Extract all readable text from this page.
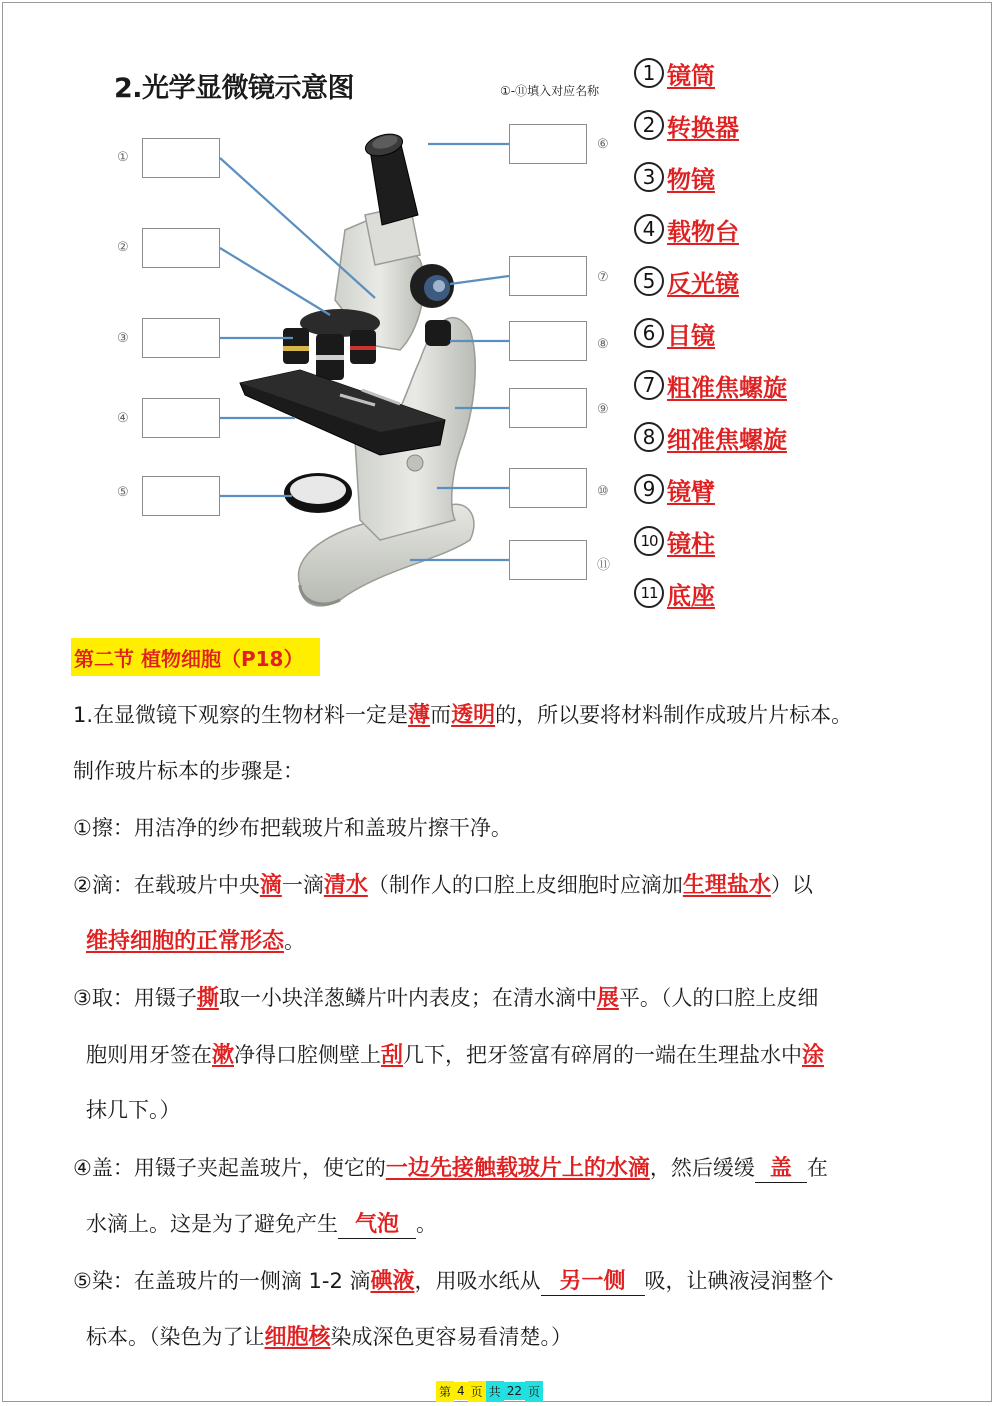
2.光学显微镜示意图	①-⑪填入对应名称
①
②
③
④
⑤
⑥
⑦
⑧
⑨
⑩
⑪
1 镜筒
2 转换器
3 物镜
4 载物台
5 反光镜
6 目镜
7 粗准焦螺旋
8 细准焦螺旋
9 镜臂
10 镜柱
11 底座
第二节 植物细胞（P18）
1.在显微镜下观察的生物材料一定是薄而透明的，所以要将材料制作成玻片片标本。
制作玻片标本的步骤是：
①擦：用洁净的纱布把载玻片和盖玻片擦干净。
②滴：在载玻片中央滴一滴清水（制作人的口腔上皮细胞时应滴加生理盐水）以
维持细胞的正常形态。
③取：用镊子撕取一小块洋葱鳞片叶内表皮；在清水滴中展平。（人的口腔上皮细
胞则用牙签在漱净得口腔侧壁上刮几下，把牙签富有碎屑的一端在生理盐水中涂
抹几下。）
④盖：用镊子夹起盖玻片，使它的一边先接触载玻片上的水滴，然后缓缓 盖 在
水滴上。这是为了避免产生 气泡 。
⑤染：在盖玻片的一侧滴 1-2 滴碘液，用吸水纸从 另一侧 吸，让碘液浸润整个
标本。（染色为了让细胞核染成深色更容易看清楚。）
第 4 页 共 22 页
